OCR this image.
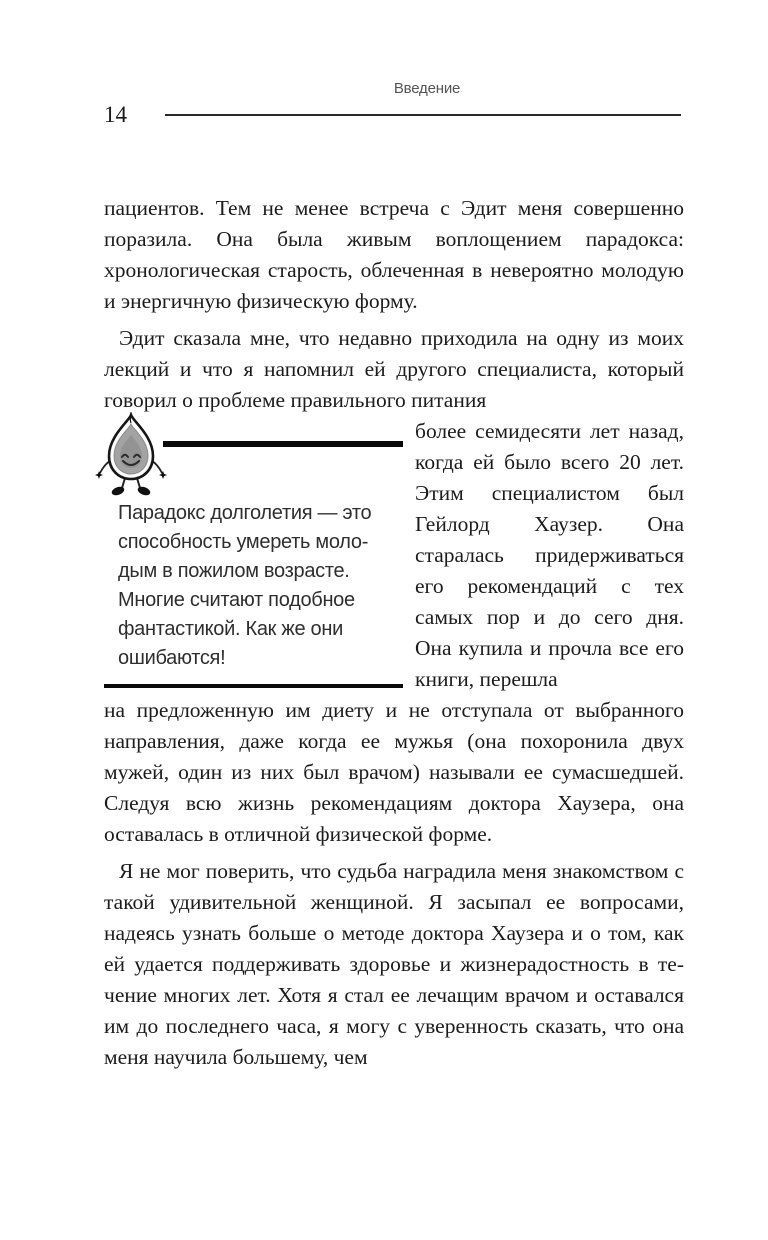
Введение
14

пациентов. Тем не менее встреча с Эдит меня совершенно поразила. Она была живым воплощением парадокса: хронологическая старость, облеченная в невероятно молодую и энергичную физическую форму.

Эдит сказала мне, что недавно приходила на одну из моих лекций и что я напомнил ей другого специалиста, который говорил о проблеме правильного питания

Парадокс долголетия — это способность умереть молодым в пожилом возрасте. Многие считают подобное фантастикой. Как же они ошибаются!
более семидесяти лет назад, когда ей было всего 20 лет. Этим специалистом был Гейлорд Хаузер. Она старалась придерживаться его рекомендаций с тех самых пор и до сего дня. Она купила и прочла все его книги, перешла

на предложенную им диету и не отступала от выбранного направления, даже когда ее мужья (она похоронила двух мужей, один из них был врачом) называли ее сумасшедшей. Следуя всю жизнь рекомендациям доктора Хаузера, она оставалась в отличной физической форме.

Я не мог поверить, что судьба наградила меня знакомством с такой удивительной женщиной. Я засыпал ее вопросами, надеясь узнать больше о методе доктора Хаузера и о том, как ей удается поддерживать здоровье и жизнерадостность в течение многих лет. Хотя я стал ее лечащим врачом и оставался им до последнего часа, я могу с уверенность сказать, что она меня научила большему, чем
